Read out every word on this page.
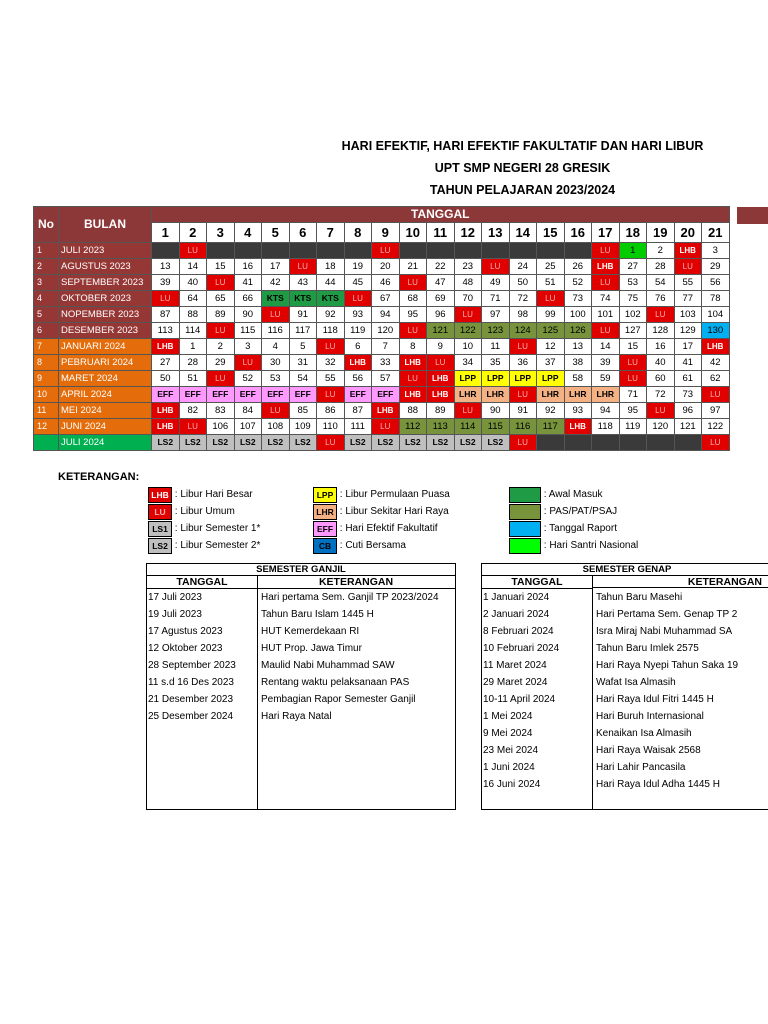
HARI EFEKTIF, HARI EFEKTIF FAKULTATIF DAN HARI LIBUR
UPT SMP NEGERI 28 GRESIK
TAHUN PELAJARAN 2023/2024
No	BULAN	TANGGAL																				
		1	2	3	4	5	6	7	8	9	10	11	12	13	14	15	16	17	18	19	20	21
1	JULI 2023		LU							LU								LU	1	2	LHB	3
2	AGUSTUS 2023	13	14	15	16	17	LU	18	19	20	21	22	23	LU	24	25	26	LHB	27	28	LU	29
3	SEPTEMBER 2023	39	40	LU	41	42	43	44	45	46	LU	47	48	49	50	51	52	LU	53	54	55	56
4	OKTOBER 2023	LU	64	65	66	KTS	KTS	KTS	LU	67	68	69	70	71	72	LU	73	74	75	76	77	78
5	NOPEMBER 2023	87	88	89	90	LU	91	92	93	94	95	96	LU	97	98	99	100	101	102	LU	103	104
6	DESEMBER 2023	113	114	LU	115	116	117	118	119	120	LU	121	122	123	124	125	126	LU	127	128	129	130
7	JANUARI 2024	LHB	1	2	3	4	5	LU	6	7	8	9	10	11	LU	12	13	14	15	16	17	LHB
8	PEBRUARI 2024	27	28	29	LU	30	31	32	LHB	33	LHB	LU	34	35	36	37	38	39	LU	40	41	42
9	MARET 2024	50	51	LU	52	53	54	55	56	57	LU	LHB	LPP	LPP	LPP	LPP	58	59	LU	60	61	62
10	APRIL 2024	EFF	EFF	EFF	EFF	EFF	EFF	LU	EFF	EFF	LHB	LHB	LHR	LHR	LU	LHR	LHR	LHR	71	72	73	LU
11	MEI 2024	LHB	82	83	84	LU	85	86	87	LHB	88	89	LU	90	91	92	93	94	95	LU	96	97
12	JUNI 2024	LHB	LU	106	107	108	109	110	111	LU	112	113	114	115	116	117	LHB	118	119	120	121	122
	JULI 2024	LS2	LS2	LS2	LS2	LS2	LS2	LU	LS2	LS2	LS2	LS2	LS2	LS2	LU							LU
KETERANGAN:
LHB : Libur Hari Besar
LU : Libur Umum
LS1 : Libur Semester 1*
LS2 : Libur Semester 2*
LPP : Libur Permulaan Puasa
LHR : Libur Sekitar Hari Raya
EFF : Hari Efektif Fakultatif
CB : Cuti Bersama
: Awal Masuk
: PAS/PAT/PSAJ
: Tanggal Raport
: Hari Santri Nasional
SEMESTER GANJIL
TANGGAL	KETERANGAN
17 Juli 2023	Hari pertama Sem. Ganjil TP 2023/2024
19 Juli 2023	Tahun Baru Islam 1445 H
17 Agustus 2023	HUT Kemerdekaan RI
12 Oktober 2023	HUT Prop. Jawa Timur
28 September 2023	Maulid Nabi Muhammad SAW
11 s.d 16 Des 2023	Rentang waktu pelaksanaan PAS
21 Desember 2023	Pembagian Rapor Semester Ganjil
25 Desember 2024	Hari Raya Natal
SEMESTER GENAP
TANGGAL	KETERANGAN
1 Januari 2024	Tahun Baru Masehi
2 Januari 2024	Hari Pertama Sem. Genap TP 2
8 Februari 2024	Isra Miraj Nabi Muhammad SA
10 Februari 2024	Tahun Baru Imlek 2575
11 Maret 2024	Hari Raya Nyepi Tahun Saka 19
29 Maret 2024	Wafat Isa Almasih
10-11 April 2024	Hari Raya Idul Fitri 1445 H
1 Mei 2024	Hari Buruh Internasional
9 Mei 2024	Kenaikan Isa Almasih
23 Mei 2024	Hari Raya Waisak 2568
1 Juni 2024	Hari Lahir Pancasila
16 Juni 2024	Hari Raya Idul Adha 1445 H
